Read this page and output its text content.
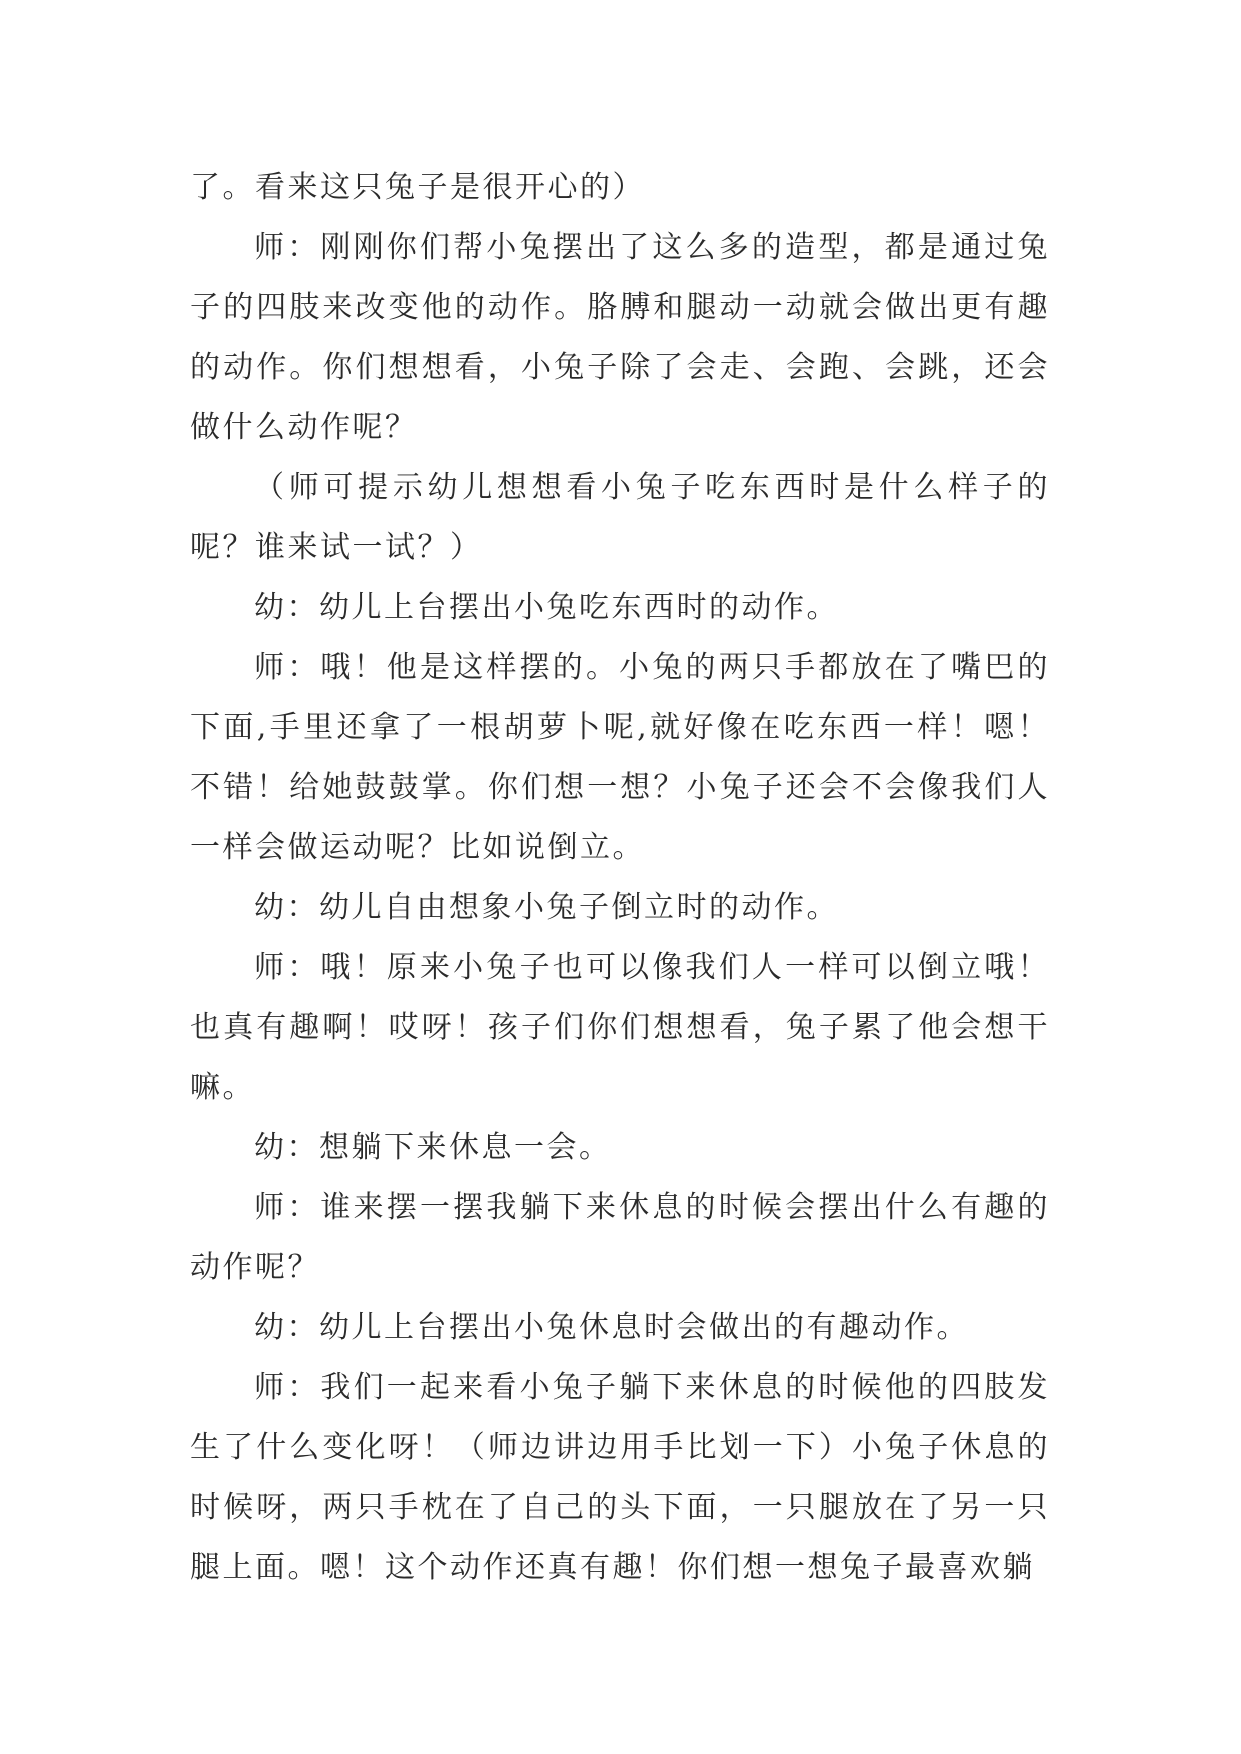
了。看来这只兔子是很开心的）

师：刚刚你们帮小兔摆出了这么多的造型，都是通过兔子的四肢来改变他的动作。胳膊和腿动一动就会做出更有趣的动作。你们想想看，小兔子除了会走、会跑、会跳，还会做什么动作呢？

（师可提示幼儿想想看小兔子吃东西时是什么样子的呢？谁来试一试？）

幼：幼儿上台摆出小兔吃东西时的动作。

师：哦！他是这样摆的。小兔的两只手都放在了嘴巴的下面,手里还拿了一根胡萝卜呢,就好像在吃东西一样！嗯！不错！给她鼓鼓掌。你们想一想？小兔子还会不会像我们人一样会做运动呢？比如说倒立。

幼：幼儿自由想象小兔子倒立时的动作。

师：哦！原来小兔子也可以像我们人一样可以倒立哦！也真有趣啊！哎呀！孩子们你们想想看，兔子累了他会想干嘛。

幼：想躺下来休息一会。

师：谁来摆一摆我躺下来休息的时候会摆出什么有趣的动作呢？

幼：幼儿上台摆出小兔休息时会做出的有趣动作。

师：我们一起来看小兔子躺下来休息的时候他的四肢发生了什么变化呀！（师边讲边用手比划一下）小兔子休息的时候呀，两只手枕在了自己的头下面，一只腿放在了另一只腿上面。嗯！这个动作还真有趣！你们想一想兔子最喜欢躺
